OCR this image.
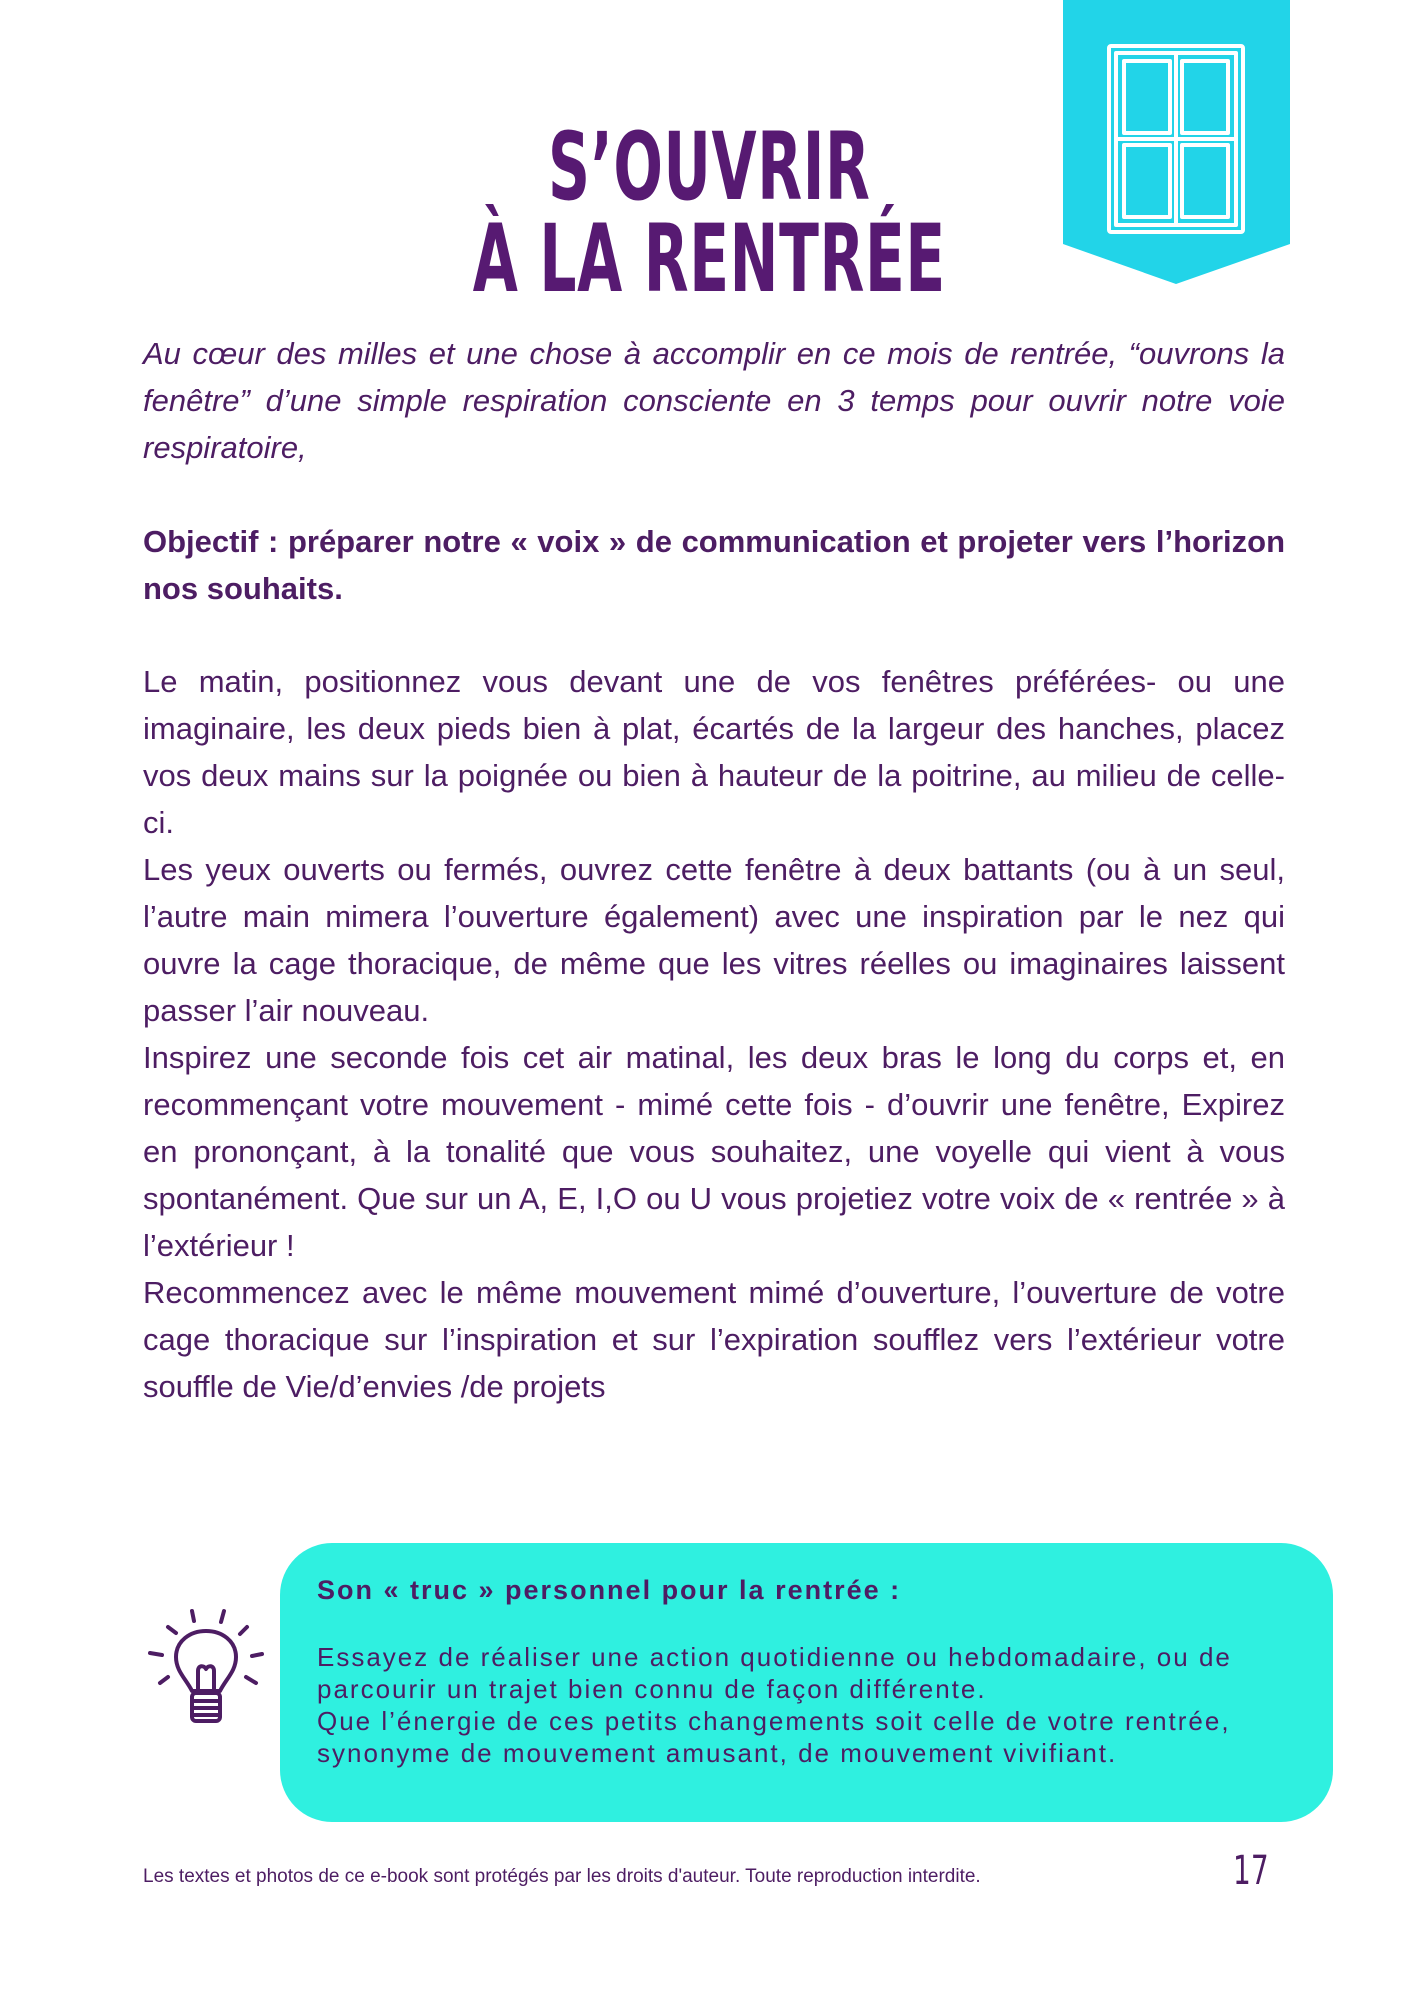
S’OUVRIR
À LA RENTRÉE
Au cœur des milles et une chose à accomplir en ce mois de rentrée, “ouvrons la fenêtre” d’une simple respiration consciente en 3 temps pour ouvrir notre voie respiratoire,
Objectif : préparer notre « voix » de communication et projeter vers l’horizon nos souhaits.

Le matin, positionnez vous devant une de vos fenêtres préférées- ou une imaginaire, les deux pieds bien à plat, écartés de la largeur des hanches, placez vos deux mains sur la poignée ou bien à hauteur de la poitrine, au milieu de celle-ci.

Les yeux ouverts ou fermés, ouvrez cette fenêtre à deux battants (ou à un seul, l’autre main mimera l’ouverture également) avec une inspiration par le nez qui ouvre la cage thoracique, de même que les vitres réelles ou imaginaires laissent passer l’air nouveau.

Inspirez une seconde fois cet air matinal, les deux bras le long du corps et, en recommençant votre mouvement - mimé cette fois - d’ouvrir une fenêtre, Expirez en prononçant, à la tonalité que vous souhaitez, une voyelle qui vient à vous spontanément. Que sur un A, E, I,O ou U vous projetiez votre voix de « rentrée » à l’extérieur !

Recommencez avec le même mouvement mimé d’ouverture, l’ouverture de votre cage thoracique sur l’inspiration et sur l’expiration soufflez vers l’extérieur votre souffle de Vie/d’envies /de projets

Son « truc » personnel pour la rentrée :

Essayez de réaliser une action quotidienne ou hebdomadaire, ou de parcourir un trajet bien connu de façon différente.

Que l’énergie de ces petits changements soit celle de votre rentrée, synonyme de mouvement amusant, de mouvement vivifiant.

Les textes et photos de ce e-book sont protégés par les droits d'auteur. Toute reproduction interdite.	17
